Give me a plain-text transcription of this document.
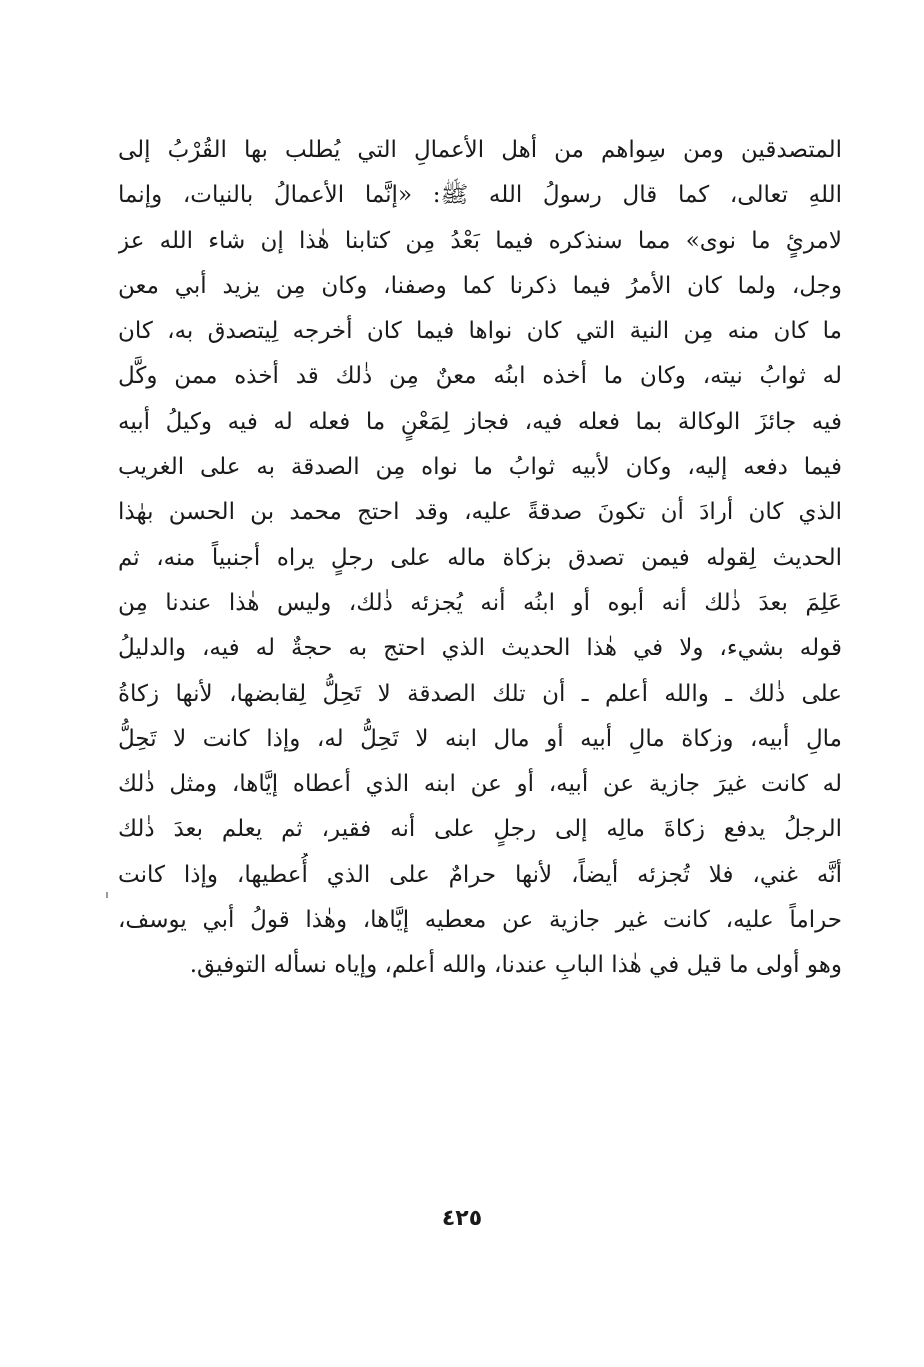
المتصدقين ومن سِواهم من أهل الأعمالِ التي يُطلب بها القُرْبُ إلى
اللهِ تعالى، كما قال رسولُ الله ﷺ: «إنَّما الأعمالُ بالنيات، وإنما
لامرئٍ ما نوى» مما سنذكره فيما بَعْدُ مِن كتابنا هٰذا إن شاء الله عز
وجل، ولما كان الأمرُ فيما ذكرنا كما وصفنا، وكان مِن يزيد أبي معن
ما كان منه مِن النية التي كان نواها فيما كان أخرجه لِيتصدق به، كان
له ثوابُ نيته، وكان ما أخذه ابنُه معنٌ مِن ذٰلك قد أخذه ممن وكَّل
فيه جائزَ الوكالة بما فعله فيه، فجاز لِمَعْنٍ ما فعله له فيه وكيلُ أبيه
فيما دفعه إليه، وكان لأبيه ثوابُ ما نواه مِن الصدقة به على الغريب
الذي كان أرادَ أن تكونَ صدقةً عليه، وقد احتج محمد بن الحسن بهٰذا
الحديث لِقوله فيمن تصدق بزكاة ماله على رجلٍ يراه أجنبياً منه، ثم
عَلِمَ بعدَ ذٰلك أنه أبوه أو ابنُه أنه يُجزئه ذٰلك، وليس هٰذا عندنا مِن
قوله بشيء، ولا في هٰذا الحديث الذي احتج به حجةٌ له فيه، والدليلُ
على ذٰلك ـ والله أعلم ـ أن تلك الصدقة لا تَحِلُّ لِقابضها، لأنها زكاةُ
مالِ أبيه، وزكاة مالِ أبيه أو مال ابنه لا تَحِلُّ له، وإذا كانت لا تَحِلُّ
له كانت غيرَ جازية عن أبيه، أو عن ابنه الذي أعطاه إيَّاها، ومثل ذٰلك
الرجلُ يدفع زكاةَ مالِه إلى رجلٍ على أنه فقير، ثم يعلم بعدَ ذٰلك
أنَّه غني، فلا تُجزئه أيضاً، لأنها حرامٌ على الذي أُعطيها، وإذا كانت
حراماً عليه، كانت غير جازية عن معطيه إيَّاها، وهٰذا قولُ أبي يوسف،
وهو أولى ما قيل في هٰذا البابِ عندنا، والله أعلم، وإياه نسأله التوفيق.
٤٢٥
